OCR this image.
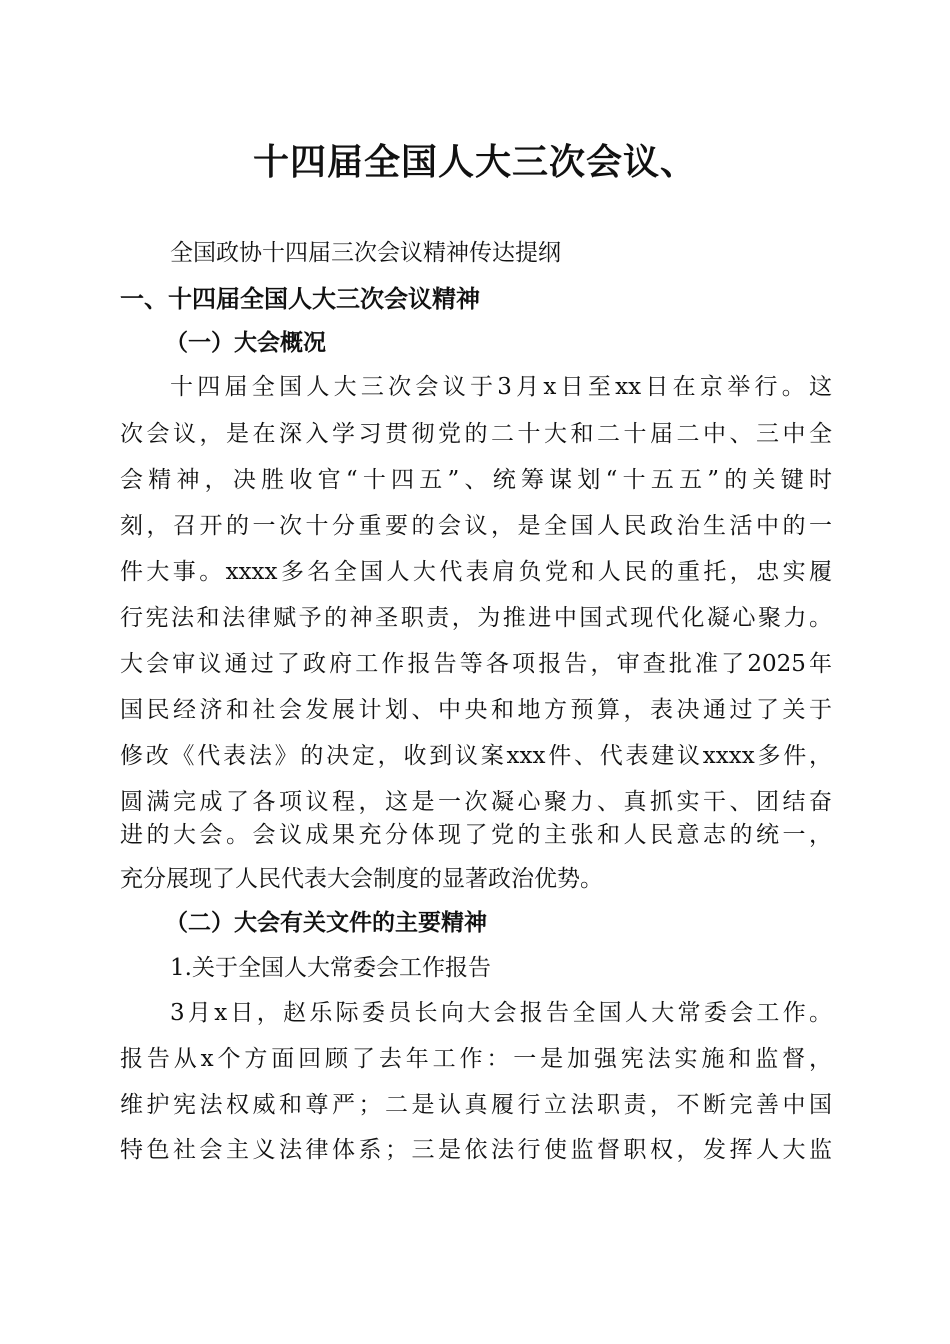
十四届全国人大三次会议、

全国政协十四届三次会议精神传达提纲

一、十四届全国人大三次会议精神

（一）大会概况

十四届全国人大三次会议于3月x日至xx日在京举行。这

次会议，是在深入学习贯彻党的二十大和二十届二中、三中全

会精神，决胜收官“十四五”、统筹谋划“十五五”的关键时

刻，召开的一次十分重要的会议，是全国人民政治生活中的一

件大事。xxxx多名全国人大代表肩负党和人民的重托，忠实履

行宪法和法律赋予的神圣职责，为推进中国式现代化凝心聚力。

大会审议通过了政府工作报告等各项报告，审查批准了2025年

国民经济和社会发展计划、中央和地方预算，表决通过了关于

修改《代表法》的决定，收到议案xxx件、代表建议xxxx多件，

圆满完成了各项议程，这是一次凝心聚力、真抓实干、团结奋

进的大会。会议成果充分体现了党的主张和人民意志的统一，

充分展现了人民代表大会制度的显著政治优势。

（二）大会有关文件的主要精神

1.关于全国人大常委会工作报告

3月x日，赵乐际委员长向大会报告全国人大常委会工作。

报告从x个方面回顾了去年工作：一是加强宪法实施和监督，

维护宪法权威和尊严；二是认真履行立法职责，不断完善中国

特色社会主义法律体系；三是依法行使监督职权，发挥人大监
